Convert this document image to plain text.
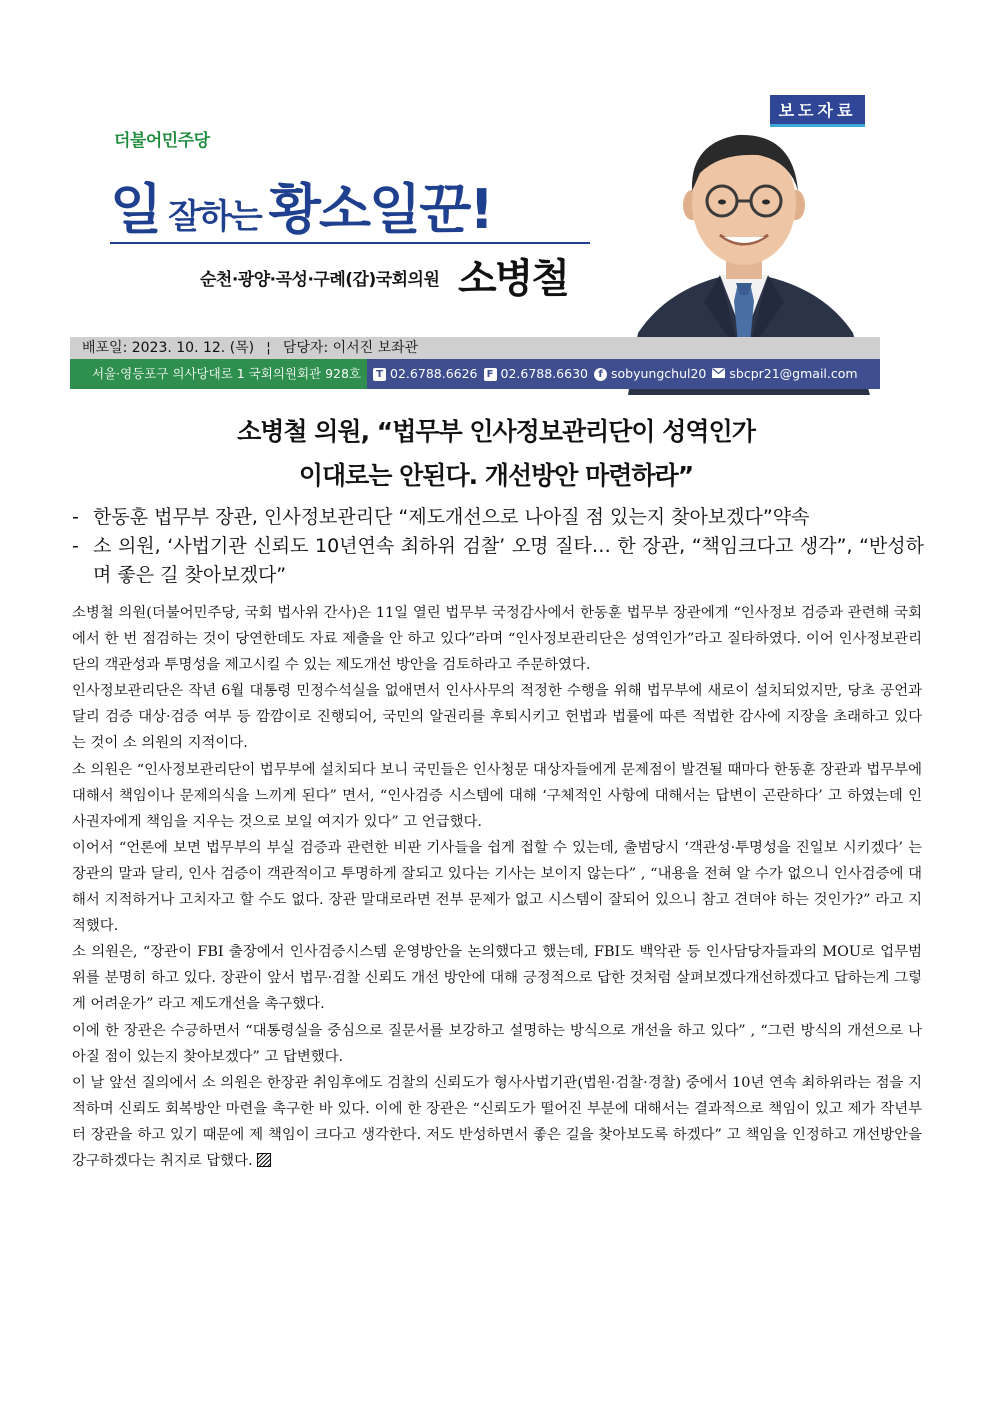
더불어민주당
일잘하는 황소일꾼!
순천·광양·곡성·구례(갑)국회의원 소병철
보도자료
배포일: 2023. 10. 12. (목) ¦ 담당자: 이서진 보좌관
서울·영등포구 의사당대로 1 국회의원회관 928호	T 02.6788.6626 F 02.6788.6630	f sobyungchul20 sbcpr21@gmail.com
소병철 의원, “법무부 인사정보관리단이 성역인가
이대로는 안된다. 개선방안 마련하라”
- 한동훈 법무부 장관, 인사정보관리단 “제도개선으로 나아질 점 있는지 찾아보겠다”약속
- 소 의원, ‘사법기관 신뢰도 10년연속 최하위 검찰’ 오명 질타… 한 장관, “책임크다고 생각”, “반성하며 좋은 길 찾아보겠다”

소병철 의원(더불어민주당, 국회 법사위 간사)은 11일 열린 법무부 국정감사에서 한동훈 법무부 장관에게 “인사정보 검증과 관련해 국회에서 한 번 점검하는 것이 당연한데도 자료 제출을 안 하고 있다”라며 “인사정보관리단은 성역인가”라고 질타하였다. 이어 인사정보관리단의 객관성과 투명성을 제고시킬 수 있는 제도개선 방안을 검토하라고 주문하였다.

인사정보관리단은 작년 6월 대통령 민정수석실을 없애면서 인사사무의 적정한 수행을 위해 법무부에 새로이 설치되었지만, 당초 공언과 달리 검증 대상·검증 여부 등 깜깜이로 진행되어, 국민의 알권리를 후퇴시키고 헌법과 법률에 따른 적법한 감사에 지장을 초래하고 있다는 것이 소 의원의 지적이다.

소 의원은 “인사정보관리단이 법무부에 설치되다 보니 국민들은 인사청문 대상자들에게 문제점이 발견될 때마다 한동훈 장관과 법무부에 대해서 책임이나 문제의식을 느끼게 된다” 면서, “인사검증 시스템에 대해 ‘구체적인 사항에 대해서는 답변이 곤란하다’ 고 하였는데 인사권자에게 책임을 지우는 것으로 보일 여지가 있다” 고 언급했다.

이어서 “언론에 보면 법무부의 부실 검증과 관련한 비판 기사들을 쉽게 접할 수 있는데, 출범당시 ‘객관성·투명성을 진일보 시키겠다’ 는 장관의 말과 달리, 인사 검증이 객관적이고 투명하게 잘되고 있다는 기사는 보이지 않는다” , “내용을 전혀 알 수가 없으니 인사검증에 대해서 지적하거나 고치자고 할 수도 없다. 장관 말대로라면 전부 문제가 없고 시스템이 잘되어 있으니 참고 견뎌야 하는 것인가?” 라고 지적했다.

소 의원은, “장관이 FBI 출장에서 인사검증시스템 운영방안을 논의했다고 했는데, FBI도 백악관 등 인사담당자들과의 MOU로 업무범위를 분명히 하고 있다. 장관이 앞서 법무·검찰 신뢰도 개선 방안에 대해 긍정적으로 답한 것처럼 살펴보겠다개선하겠다고 답하는게 그렇게 어려운가” 라고 제도개선을 촉구했다.

이에 한 장관은 수긍하면서 “대통령실을 중심으로 질문서를 보강하고 설명하는 방식으로 개선을 하고 있다” , “그런 방식의 개선으로 나아질 점이 있는지 찾아보겠다” 고 답변했다.

이 날 앞선 질의에서 소 의원은 한장관 취임후에도 검찰의 신뢰도가 형사사법기관(법원·검찰·경찰) 중에서 10년 연속 최하위라는 점을 지적하며 신뢰도 회복방안 마련을 촉구한 바 있다. 이에 한 장관은 “신뢰도가 떨어진 부분에 대해서는 결과적으로 책임이 있고 제가 작년부터 장관을 하고 있기 때문에 제 책임이 크다고 생각한다. 저도 반성하면서 좋은 길을 찾아보도록 하겠다” 고 책임을 인정하고 개선방안을 강구하겠다는 취지로 답했다.
